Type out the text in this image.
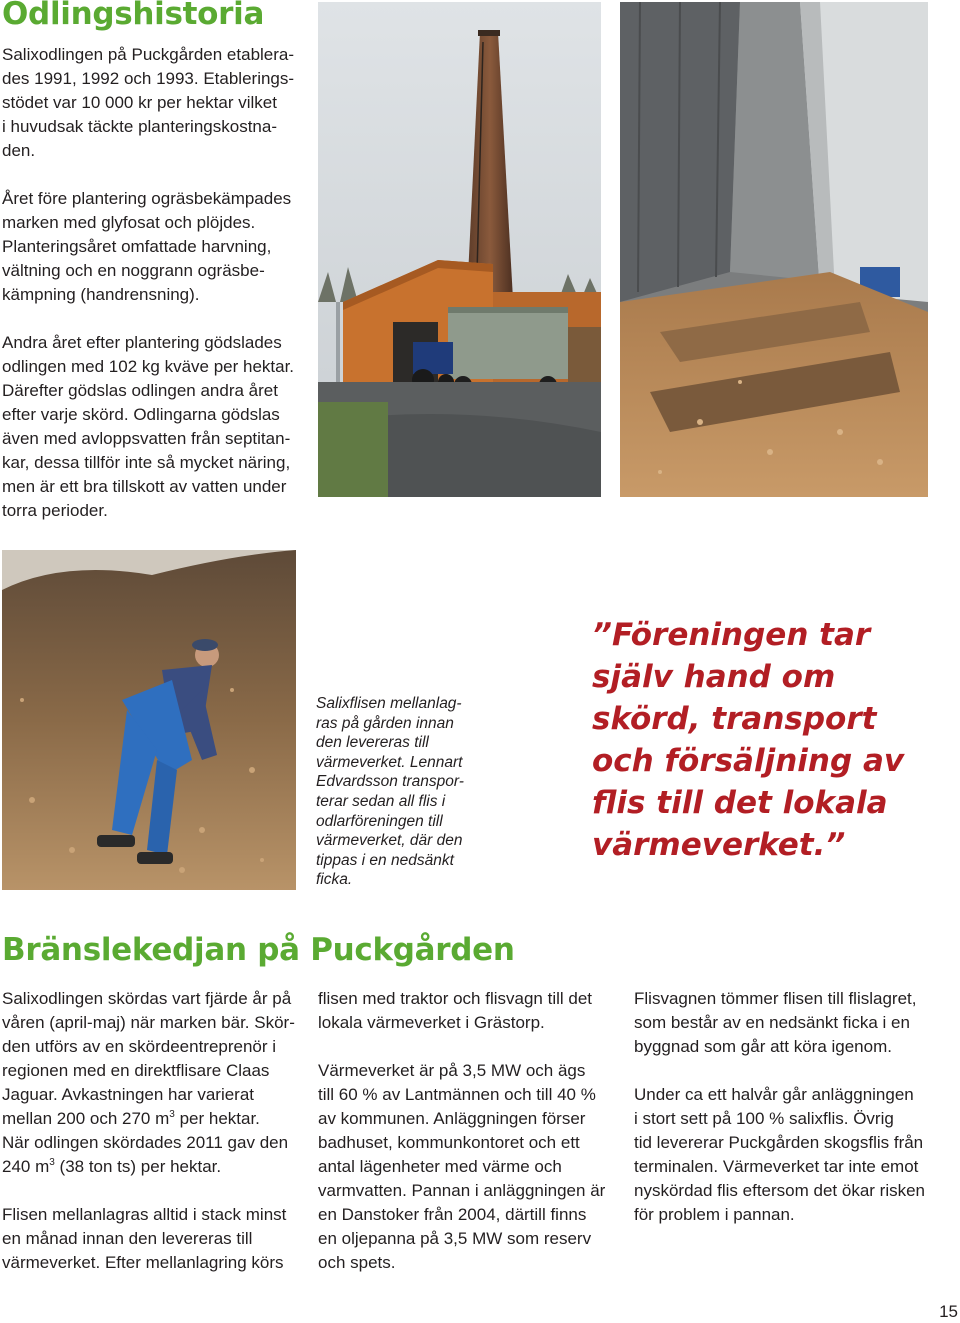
Odlingshistoria

Salixodlingen på Puckgården etablera-
des 1991, 1992 och 1993. Etablerings-
stödet var 10 000 kr per hektar vilket
i huvudsak täckte planteringskostna-
den.

Året före plantering ogräsbekämpades
marken med glyfosat och plöjdes.
Planteringsåret omfattade harvning,
vältning och en noggrann ogräsbe-
kämpning (handrensning).

Andra året efter plantering gödslades
odlingen med 102 kg kväve per hektar.
Därefter gödslas odlingen andra året
efter varje skörd. Odlingarna gödslas
även med avloppsvatten från septitan-
kar, dessa tillför inte så mycket näring,
men är ett bra tillskott av vatten under
torra perioder.

Salixflisen mellanlag-
ras på gården innan
den levereras till
värmeverket. Lennart
Edvardsson transpor-
terar sedan all flis i
odlarföreningen till
värmeverket, där den
tippas i en nedsänkt
ficka.
”Föreningen tar
själv hand om
skörd, transport
och försäljning av
flis till det lokala
värmeverket.”
Bränslekedjan på Puckgården

Salixodlingen skördas vart fjärde år på
våren (april-maj) när marken bär. Skör-
den utförs av en skördeentreprenör i
regionen med en direktflisare Claas
Jaguar. Avkastningen har varierat
mellan 200 och 270 $m^3$ per hektar.
När odlingen skördades 2011 gav den
240 $m^3$ (38 ton ts) per hektar.

Flisen mellanlagras alltid i stack minst
en månad innan den levereras till
värmeverket. Efter mellanlagring körs

flisen med traktor och flisvagn till det
lokala värmeverket i Grästorp.

Värmeverket är på 3,5 MW och ägs
till 60 % av Lantmännen och till 40 %
av kommunen. Anläggningen förser
badhuset, kommunkontoret och ett
antal lägenheter med värme och
varmvatten. Pannan i anläggningen är
en Danstoker från 2004, därtill finns
en oljepanna på 3,5 MW som reserv
och spets.

Flisvagnen tömmer flisen till flislagret,
som består av en nedsänkt ficka i en
byggnad som går att köra igenom.

Under ca ett halvår går anläggningen
i stort sett på 100 % salixflis. Övrig
tid levererar Puckgården skogsflis från
terminalen. Värmeverket tar inte emot
nyskördad flis eftersom det ökar risken
för problem i pannan.

15
